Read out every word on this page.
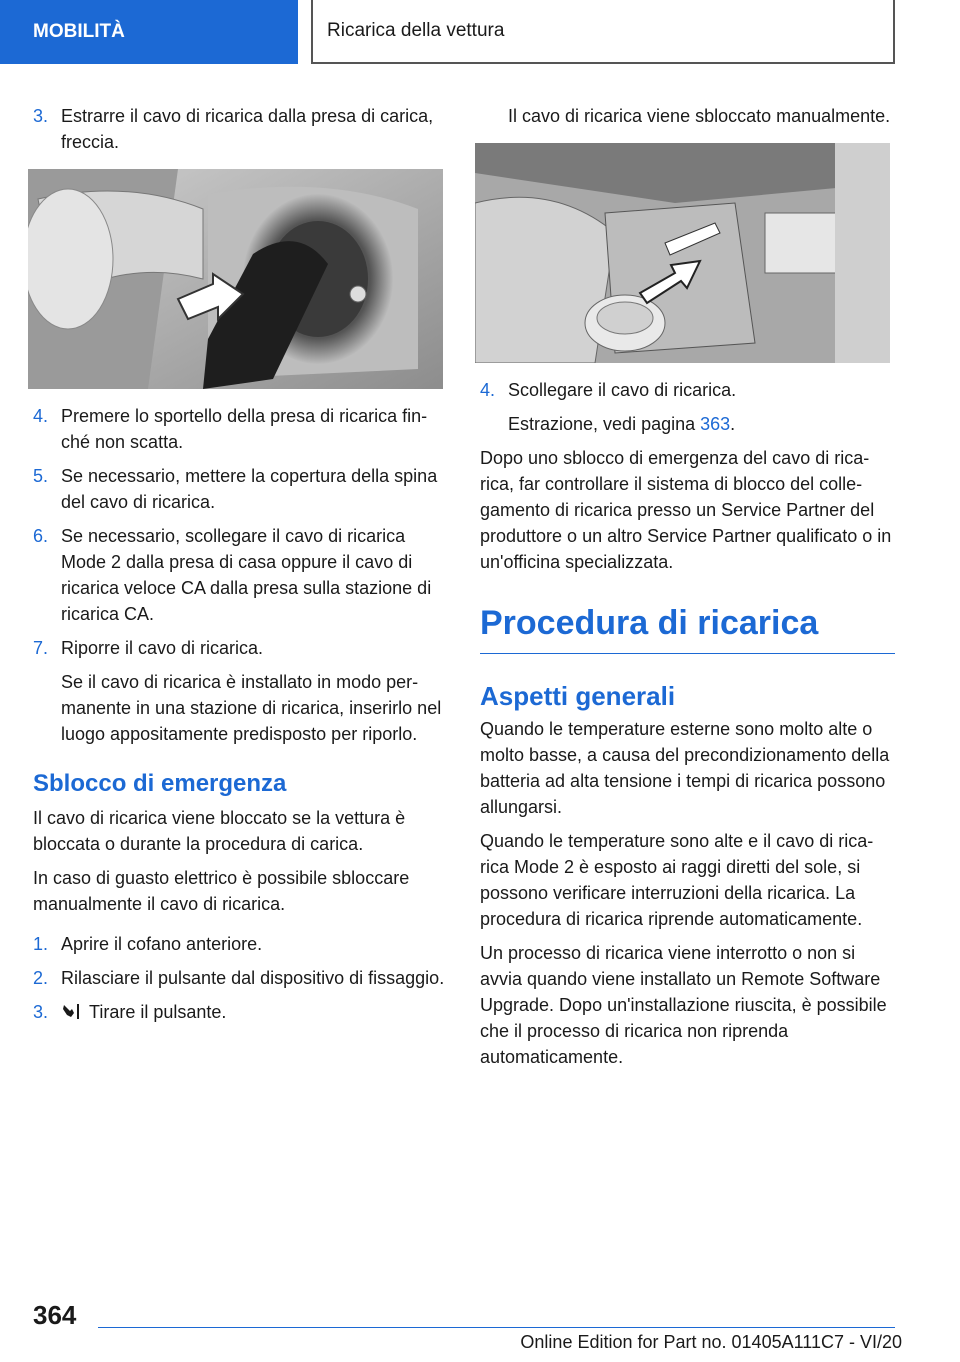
MOBILITÀ	Ricarica della vettura
3. Estrarre il cavo di ricarica dalla presa di carica, freccia.
4. Premere lo sportello della presa di ricarica finché non scatta.
5. Se necessario, mettere la copertura della spina del cavo di ricarica.
6. Se necessario, scollegare il cavo di ricarica Mode 2 dalla presa di casa oppure il cavo di ricarica veloce CA dalla presa sulla stazione di ricarica CA.
7. Riporre il cavo di ricarica.
Se il cavo di ricarica è installato in modo permanente in una stazione di ricarica, inserirlo nel luogo appositamente predisposto per riporlo.
Sblocco di emergenza

Il cavo di ricarica viene bloccato se la vettura è bloccata o durante la procedura di carica.

In caso di guasto elettrico è possibile sbloccare manualmente il cavo di ricarica.

1. Aprire il cofano anteriore.
2. Rilasciare il pulsante dal dispositivo di fissaggio.
3. Tirare il pulsante.
Il cavo di ricarica viene sbloccato manualmente.
4. Scollegare il cavo di ricarica.
Estrazione, vedi pagina 363.

Dopo uno sblocco di emergenza del cavo di ricarica, far controllare il sistema di blocco del collegamento di ricarica presso un Service Partner del produttore o un altro Service Partner qualificato o in un'officina specializzata.

Procedura di ricarica
Aspetti generali

Quando le temperature esterne sono molto alte o molto basse, a causa del precondizionamento della batteria ad alta tensione i tempi di ricarica possono allungarsi.

Quando le temperature sono alte e il cavo di ricarica Mode 2 è esposto ai raggi diretti del sole, si possono verificare interruzioni della ricarica. La procedura di ricarica riprende automaticamente.

Un processo di ricarica viene interrotto o non si avvia quando viene installato un Remote Software Upgrade. Dopo un'installazione riuscita, è possibile che il processo di ricarica non riprenda automaticamente.

364
Online Edition for Part no. 01405A111C7 - VI/20
